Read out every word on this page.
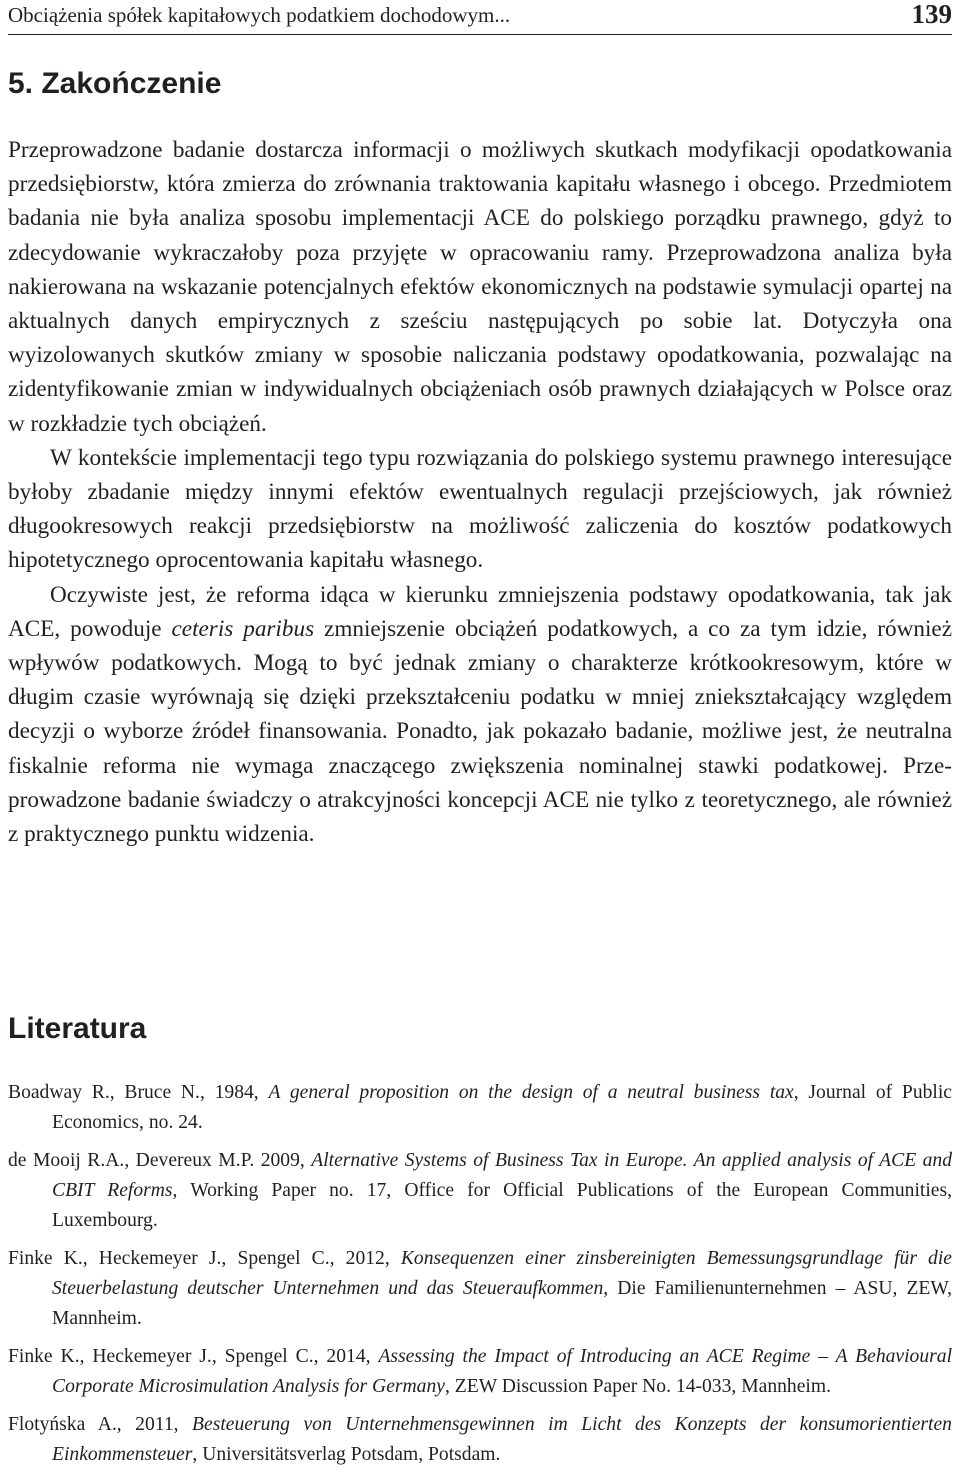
Obciążenia spółek kapitałowych podatkiem dochodowym...	139
5. Zakończenie

Przeprowadzone badanie dostarcza informacji o możliwych skutkach modyfikacji opodatkowania przedsiębiorstw, która zmierza do zrównania traktowania kapitału własnego i obcego. Przedmiotem badania nie była analiza sposobu implementacji ACE do polskiego porządku prawnego, gdyż to zdecydowanie wykraczałoby poza przyjęte w opracowaniu ramy. Przeprowadzona analiza była nakierowana na wskazanie potencjalnych efektów ekonomicznych na podstawie symulacji opartej na aktualnych danych empirycznych z sześciu następujących po sobie lat. Dotyczyła ona wyizolowanych skutków zmiany w sposobie naliczania podstawy opodatkowania, pozwalając na zidentyfikowanie zmian w indywidualnych obciążeniach osób prawnych działających w Polsce oraz w rozkładzie tych obciążeń.

W kontekście implementacji tego typu rozwiązania do polskiego systemu prawnego interesujące byłoby zbadanie między innymi efektów ewentualnych regulacji przejściowych, jak również długookresowych reakcji przedsiębiorstw na możliwość zaliczenia do kosztów podatkowych hipotetycznego oprocentowania kapitału własnego.

Oczywiste jest, że reforma idąca w kierunku zmniejszenia podstawy opodatkowania, tak jak ACE, powoduje ceteris paribus zmniejszenie obciążeń podatkowych, a co za tym idzie, również wpływów podatkowych. Mogą to być jednak zmiany o charakterze krótkookresowym, które w długim czasie wyrównają się dzięki przekształceniu podatku w mniej zniekształcający względem decyzji o wyborze źródeł finansowania. Ponadto, jak pokazało badanie, możliwe jest, że neutralna fiskalnie reforma nie wymaga znaczącego zwiększenia nominalnej stawki podatkowej. Przeprowadzone badanie świadczy o atrakcyjności koncepcji ACE nie tylko z teoretycznego, ale również z praktycznego punktu widzenia.

Literatura

Boadway R., Bruce N., 1984, A general proposition on the design of a neutral business tax, Journal of Public Economics, no. 24.

de Mooij R.A., Devereux M.P. 2009, Alternative Systems of Business Tax in Europe. An applied analysis of ACE and CBIT Reforms, Working Paper no. 17, Office for Official Publications of the European Communities, Luxembourg.

Finke K., Heckemeyer J., Spengel C., 2012, Konsequenzen einer zinsbereinigten Bemessungsgrundlage für die Steuerbelastung deutscher Unternehmen und das Steueraufkommen, Die Familienunternehmen – ASU, ZEW, Mannheim.

Finke K., Heckemeyer J., Spengel C., 2014, Assessing the Impact of Introducing an ACE Regime – A Behavioural Corporate Microsimulation Analysis for Germany, ZEW Discussion Paper No. 14-033, Mannheim.

Flotyńska A., 2011, Besteuerung von Unternehmensgewinnen im Licht des Konzepts der konsumorientierten Einkommensteuer, Universitätsverlag Potsdam, Potsdam.
